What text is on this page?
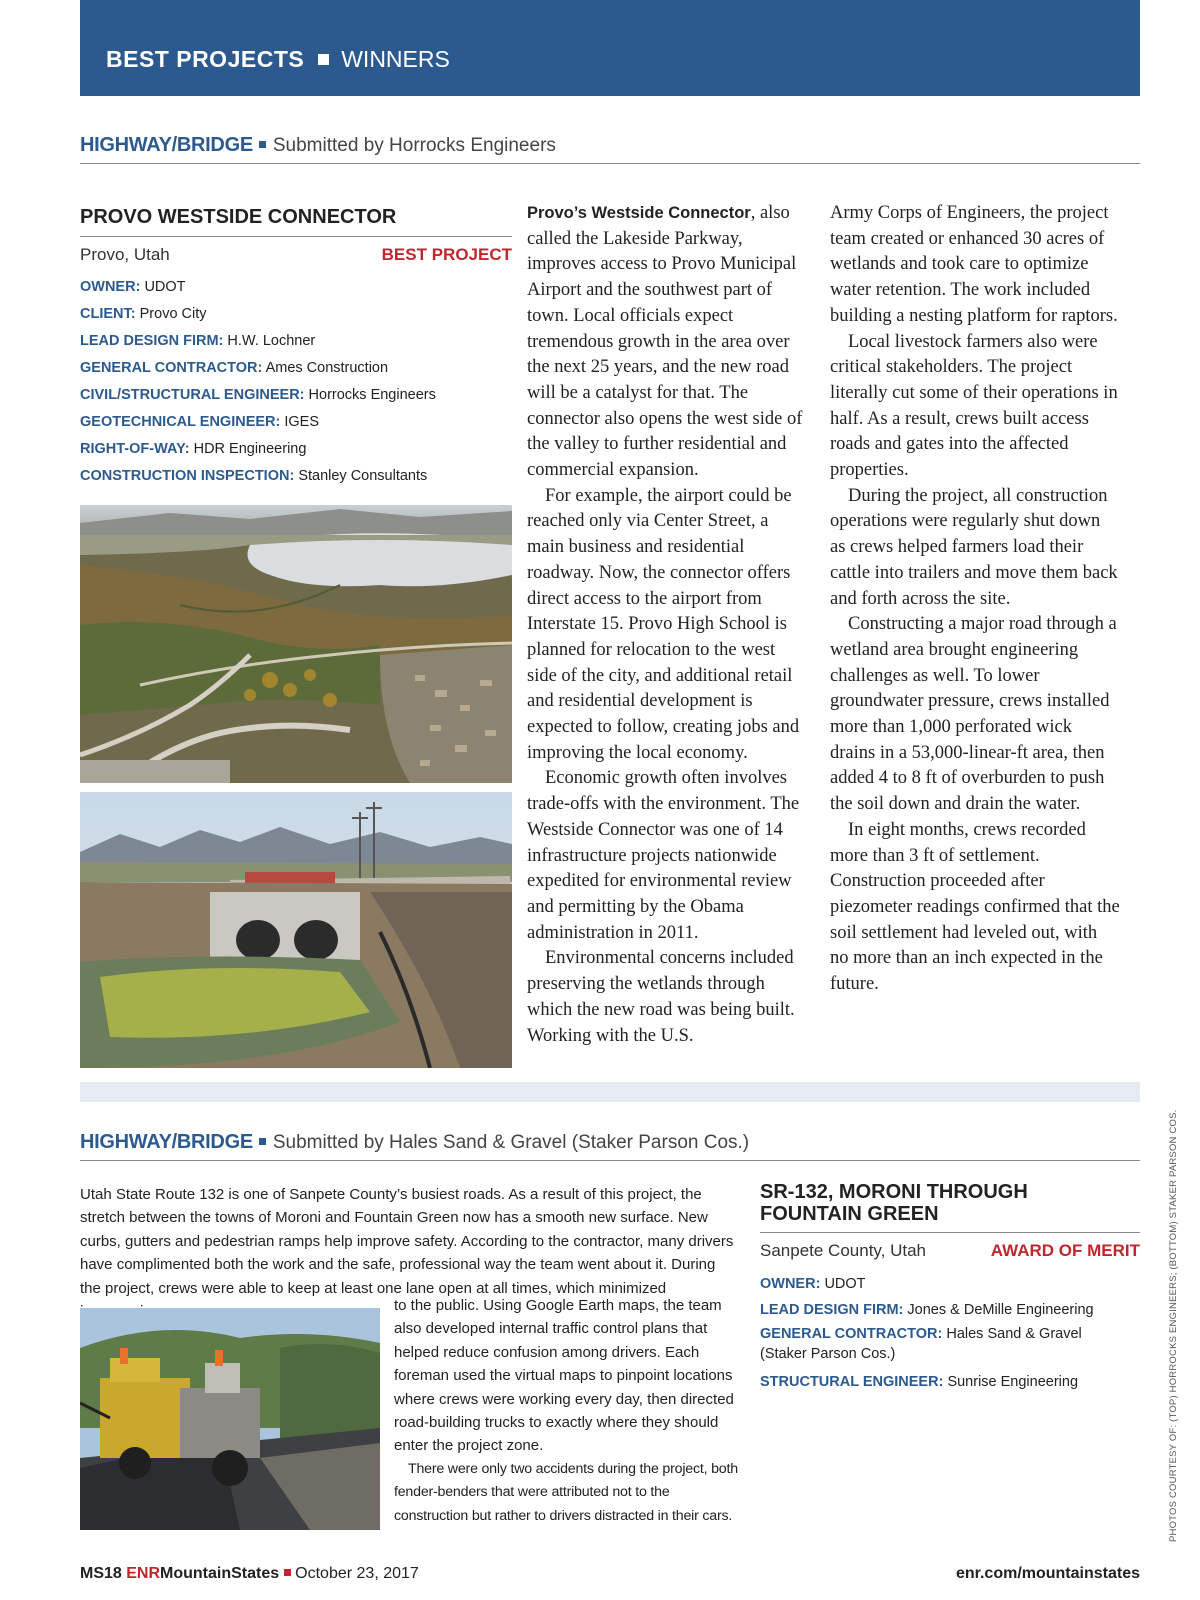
BEST PROJECTS WINNERS
HIGHWAY/BRIDGE Submitted by Horrocks Engineers
PROVO WESTSIDE CONNECTOR
Provo, Utah	BEST PROJECT
OWNER: UDOT
CLIENT: Provo City
LEAD DESIGN FIRM: H.W. Lochner
GENERAL CONTRACTOR: Ames Construction
CIVIL/STRUCTURAL ENGINEER: Horrocks Engineers
GEOTECHNICAL ENGINEER: IGES
RIGHT-OF-WAY: HDR Engineering
CONSTRUCTION INSPECTION: Stanley Consultants

Provo’s Westside Connector, also called the Lakeside Parkway, improves access to Provo Municipal Airport and the southwest part of town. Local officials expect tremendous growth in the area over the next 25 years, and the new road will be a catalyst for that. The connector also opens the west side of the valley to further residential and commercial expansion.

For example, the airport could be reached only via Center Street, a main business and residential roadway. Now, the connector offers direct access to the airport from Interstate 15. Provo High School is planned for relocation to the west side of the city, and additional retail and residential development is expected to follow, creating jobs and improving the local economy.

Economic growth often involves trade-offs with the environment. The Westside Connector was one of 14 infrastructure projects nationwide expedited for environmental review and permitting by the Obama administration in 2011.

Environmental concerns included preserving the wetlands through which the new road was being built. Working with the U.S.

Army Corps of Engineers, the project team created or enhanced 30 acres of wetlands and took care to optimize water retention. The work included building a nesting platform for raptors.

Local livestock farmers also were critical stakeholders. The project literally cut some of their operations in half. As a result, crews built access roads and gates into the affected properties.

During the project, all construction operations were regularly shut down as crews helped farmers load their cattle into trailers and move them back and forth across the site.

Constructing a major road through a wetland area brought engineering challenges as well. To lower groundwater pressure, crews installed more than 1,000 perforated wick drains in a 53,000-linear-ft area, then added 4 to 8 ft of overburden to push the soil down and drain the water.

In eight months, crews recorded more than 3 ft of settlement. Construction proceeded after piezometer readings confirmed that the soil settlement had leveled out, with no more than an inch expected in the future.

HIGHWAY/BRIDGE Submitted by Hales Sand & Gravel (Staker Parson Cos.)

Utah State Route 132 is one of Sanpete County’s busiest roads. As a result of this project, the stretch between the towns of Moroni and Fountain Green now has a smooth new surface. New curbs, gutters and pedestrian ramps help improve safety. According to the contractor, many drivers have complimented both the work and the safe, professional way the team went about it. During the project, crews were able to keep at least one lane open at all times, which minimized

to the public. Using Google Earth maps, the team also developed internal traffic control plans that helped reduce confusion among drivers. Each foreman used the virtual maps to pinpoint locations where crews were working every day, then directed road-building trucks to exactly where they should enter the project zone.

There were only two accidents during the project, both fender-benders that were attributed not to the construction but rather to drivers distracted in their cars.

SR-132, MORONI THROUGH FOUNTAIN GREEN
Sanpete County, Utah	AWARD OF MERIT
OWNER: UDOT
LEAD DESIGN FIRM: Jones & DeMille Engineering
GENERAL CONTRACTOR: Hales Sand & Gravel (Staker Parson Cos.)
STRUCTURAL ENGINEER: Sunrise Engineering	PHOTOS COURTESY OF: (TOP) HORROCKS ENGINEERS; (BOTTOM) STAKER PARSON COS.
MS18 ENRMountainStates October 23, 2017	enr.com/mountainstates
